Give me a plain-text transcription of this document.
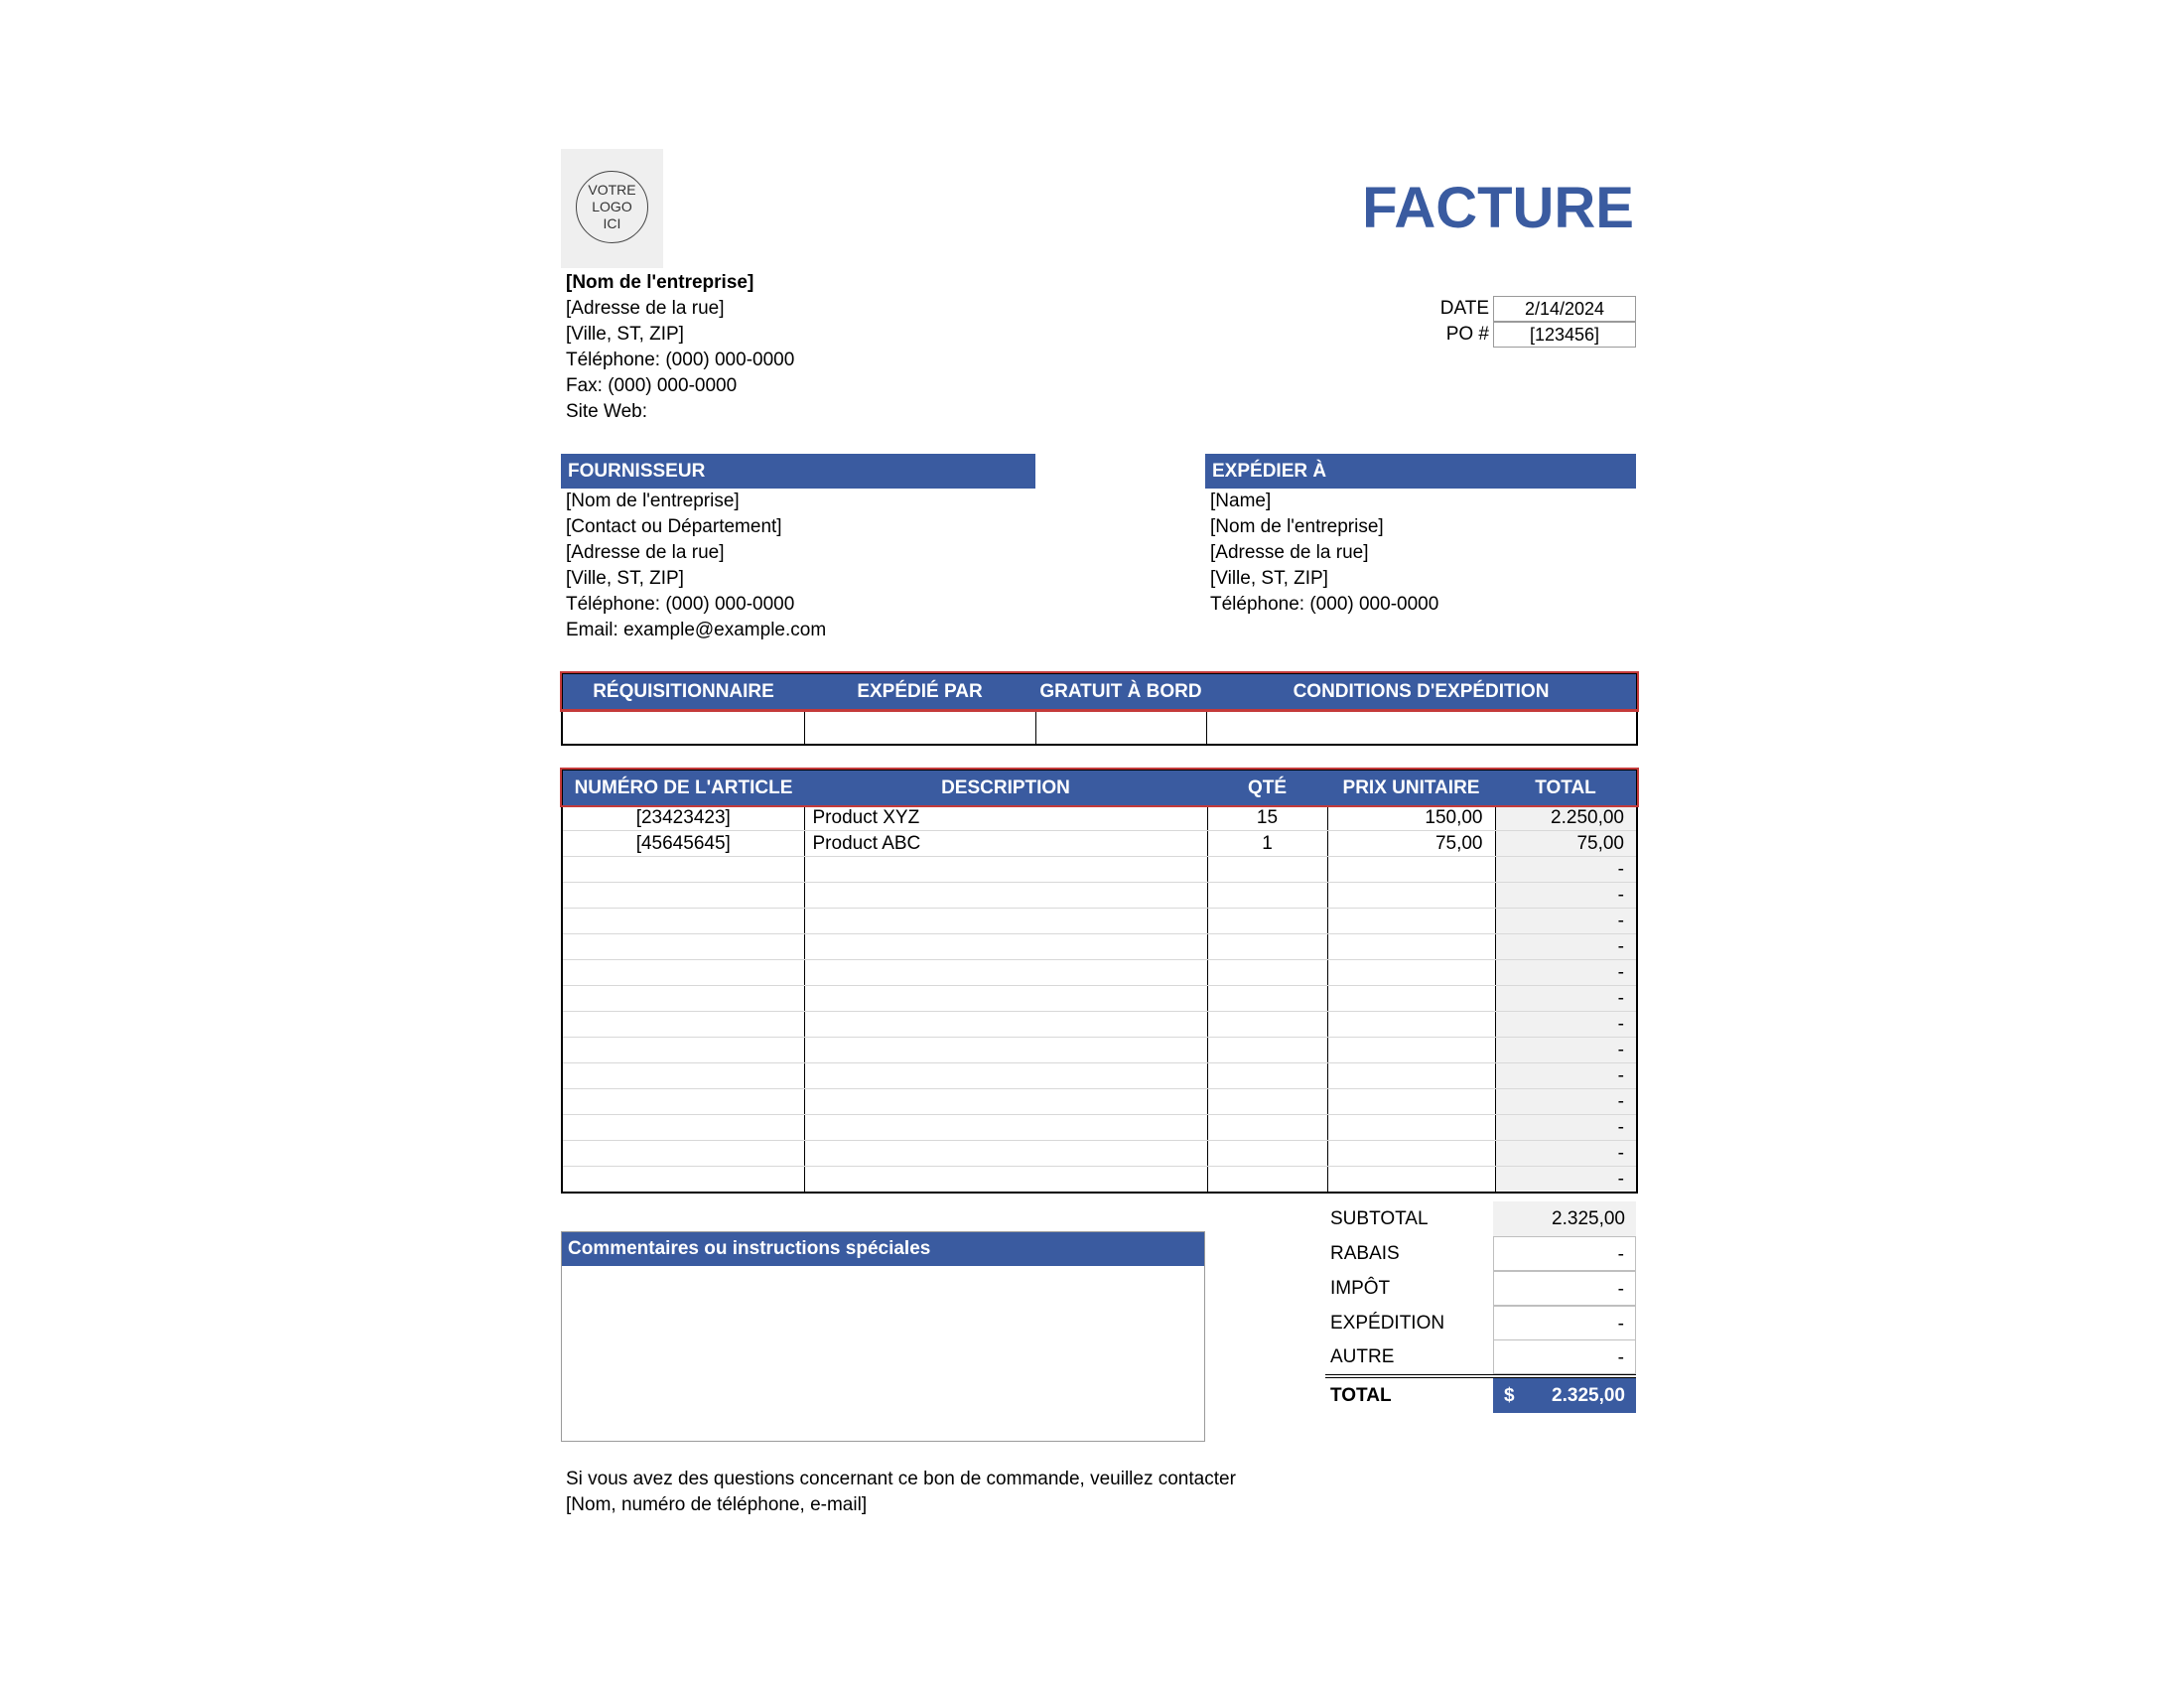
VOTRE
LOGO
ICI	FACTURE
[Nom de l'entreprise]
[Adresse de la rue]
[Ville, ST, ZIP]
Téléphone: (000) 000-0000
Fax: (000) 000-0000
Site Web:
DATE	2/14/2024
PO #	[123456]
FOURNISSEUR
[Nom de l'entreprise]
[Contact ou Département]
[Adresse de la rue]
[Ville, ST, ZIP]
Téléphone: (000) 000-0000
Email: example@example.com
EXPÉDIER À
[Name]
[Nom de l'entreprise]
[Adresse de la rue]
[Ville, ST, ZIP]
Téléphone: (000) 000-0000
RÉQUISITIONNAIRE	EXPÉDIÉ PAR	GRATUIT À BORD	CONDITIONS D'EXPÉDITION

NUMÉRO DE L'ARTICLE	DESCRIPTION	QTÉ	PRIX UNITAIRE	TOTAL
[23423423]	Product XYZ	15	150,00	2.250,00
[45645645]	Product ABC	1	75,00	75,00
				-
				-
				-
				-
				-
				-
				-
				-
				-
				-
				-
				-
				-
SUBTOTAL	2.325,00
RABAIS	-
IMPÔT	-
EXPÉDITION	-
AUTRE	-
TOTAL	$ 2.325,00
Commentaires ou instructions spéciales
Si vous avez des questions concernant ce bon de commande, veuillez contacter
[Nom, numéro de téléphone, e-mail]
